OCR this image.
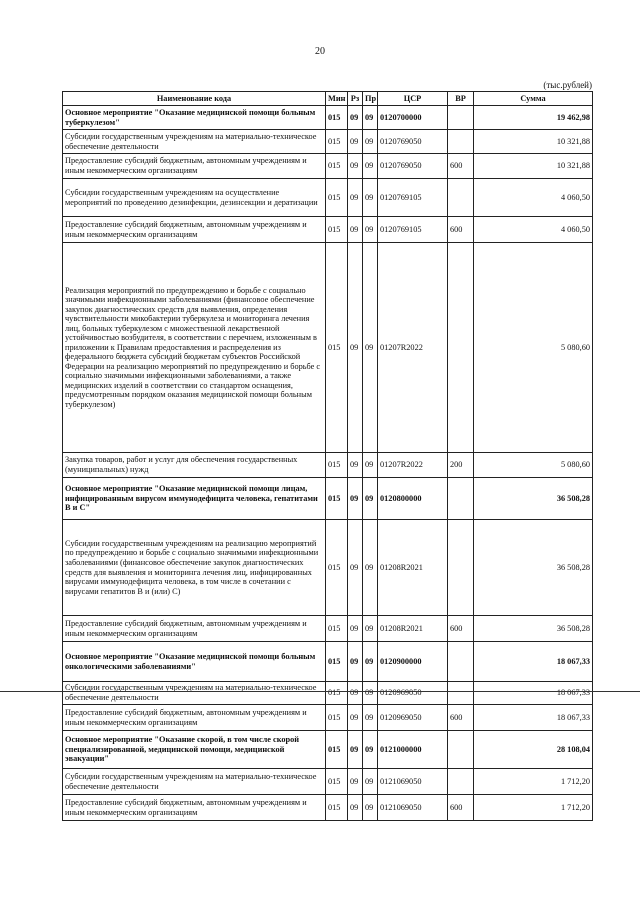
20
(тыс.рублей)
Наименование кода	Мин	Рз	Пр	ЦСР	ВР	Сумма
Основное мероприятие "Оказание медицинской помощи больным туберкулезом"	015	09	09	0120700000		19 462,98
Субсидии государственным учреждениям на материально-техническое обеспечение деятельности	015	09	09	0120769050		10 321,88
Предоставление субсидий бюджетным, автономным учреждениям и иным некоммерческим организациям	015	09	09	0120769050	600	10 321,88
Субсидии государственным учреждениям на осуществление мероприятий по проведению дезинфекции, дезинсекции и дератизации	015	09	09	0120769105		4 060,50
Предоставление субсидий бюджетным, автономным учреждениям и иным некоммерческим организациям	015	09	09	0120769105	600	4 060,50
Реализация мероприятий по предупреждению и борьбе с социально значимыми инфекционными заболеваниями (финансовое обеспечение закупок диагностических средств для выявления, определения чувствительности микобактерии туберкулеза и мониторинга лечения лиц, больных туберкулезом с множественной лекарственной устойчивостью возбудителя, в соответствии с перечнем, изложенным в приложении к Правилам предоставления и распределения из федерального бюджета субсидий бюджетам субъектов Российской Федерации на реализацию мероприятий по предупреждению и борьбе с социально значимыми инфекционными заболеваниями, а также медицинских изделий в соответствии со стандартом оснащения, предусмотренным порядком оказания медицинской помощи больным туберкулезом)	015	09	09	01207R2022		5 080,60
Закупка товаров, работ и услуг для обеспечения государственных (муниципальных) нужд	015	09	09	01207R2022	200	5 080,60
Основное мероприятие "Оказание медицинской помощи лицам, инфицированным вирусом иммунодефицита человека, гепатитами В и С"	015	09	09	0120800000		36 508,28
Субсидии государственным учреждениям на реализацию мероприятий по предупреждению и борьбе с социально значимыми инфекционными заболеваниями (финансовое обеспечение закупок диагностических средств для выявления и мониторинга лечения лиц, инфицированных вирусами иммунодефицита человека, в том числе в сочетании с вирусами гепатитов В и (или) С)	015	09	09	01208R2021		36 508,28
Предоставление субсидий бюджетным, автономным учреждениям и иным некоммерческим организациям	015	09	09	01208R2021	600	36 508,28
Основное мероприятие "Оказание медицинской помощи больным онкологическими заболеваниями"	015	09	09	0120900000		18 067,33
Субсидии государственным учреждениям на материально-техническое обеспечение деятельности	015	09	09	0120969050		18 067,33
Предоставление субсидий бюджетным, автономным учреждениям и иным некоммерческим организациям	015	09	09	0120969050	600	18 067,33
Основное мероприятие "Оказание скорой, в том числе скорой специализированной, медицинской помощи, медицинской эвакуации"	015	09	09	0121000000		28 108,04
Субсидии государственным учреждениям на материально-техническое обеспечение деятельности	015	09	09	0121069050		1 712,20
Предоставление субсидий бюджетным, автономным учреждениям и иным некоммерческим организациям	015	09	09	0121069050	600	1 712,20
